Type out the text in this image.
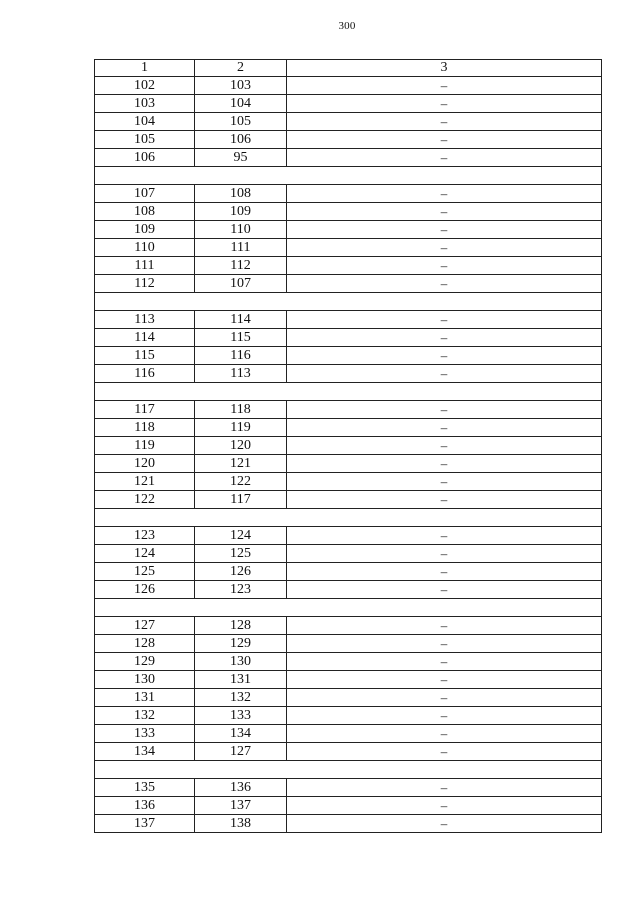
300
1	2	3
102	103	–
103	104	–
104	105	–
105	106	–
106	95	–
107	108	–
108	109	–
109	110	–
110	111	–
111	112	–
112	107	–
113	114	–
114	115	–
115	116	–
116	113	–
117	118	–
118	119	–
119	120	–
120	121	–
121	122	–
122	117	–
123	124	–
124	125	–
125	126	–
126	123	–
127	128	–
128	129	–
129	130	–
130	131	–
131	132	–
132	133	–
133	134	–
134	127	–
135	136	–
136	137	–
137	138	–
